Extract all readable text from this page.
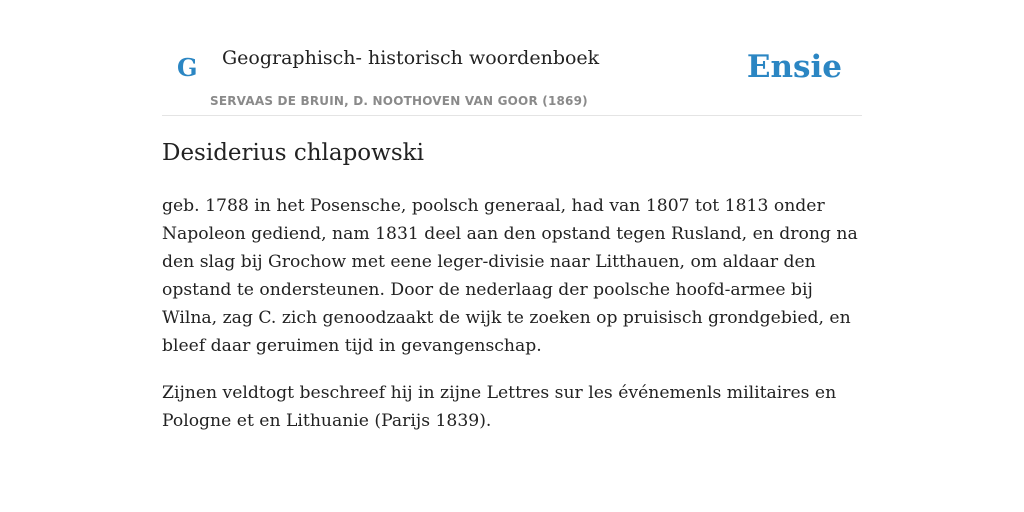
G Geographisch- historisch woordenboek
SERVAAS DE BRUIN, D. NOOTHOVEN VAN GOOR (1869)
Ensie
Desiderius chlapowski

geb. 1788 in het Posensche, poolsch generaal, had van 1807 tot 1813 onder Napoleon gediend, nam 1831 deel aan den opstand tegen Rusland, en drong na den slag bij Grochow met eene leger-divisie naar Litthauen, om aldaar den opstand te ondersteunen. Door de nederlaag der poolsche hoofd-armee bij Wilna, zag C. zich genoodzaakt de wijk te zoeken op pruisisch grondgebied, en bleef daar geruimen tijd in gevangenschap.

Zijnen veldtogt beschreef hij in zijne Lettres sur les événemenls militaires en Pologne et en Lithuanie (Parijs 1839).
